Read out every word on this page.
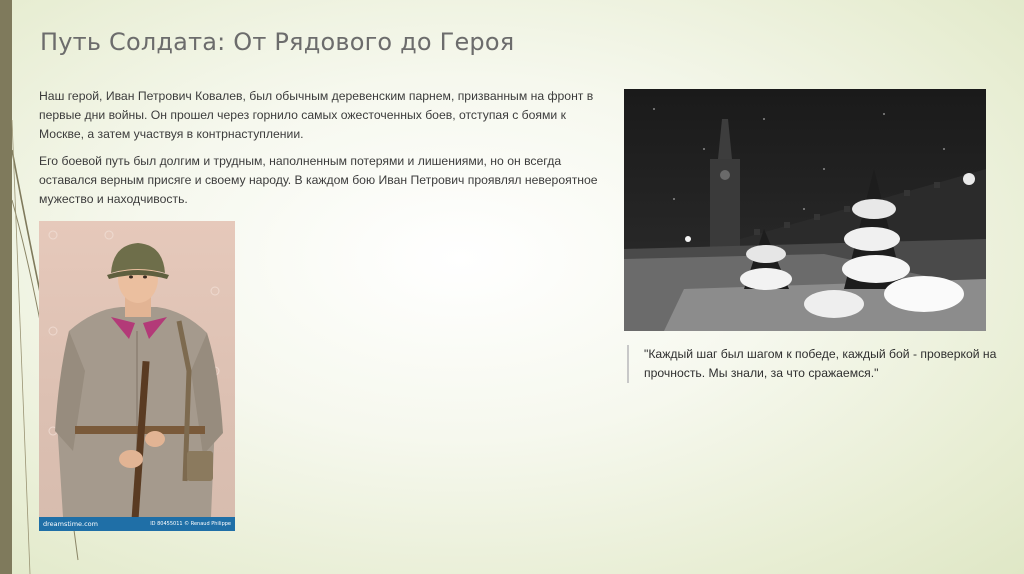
Путь Солдата: От Рядового до Героя

Наш герой, Иван Петрович Ковалев, был обычным деревенским парнем, призванным на фронт в первые дни войны. Он прошел через горнило самых ожесточенных боев, отступая с боями к Москве, а затем участвуя в контрнаступлении.

Его боевой путь был долгим и трудным, наполненным потерями и лишениями, но он всегда оставался верным присяге и своему народу. В каждом бою Иван Петрович проявлял невероятное мужество и находчивость.

dreamstime.com	ID 80455011 © Renaud Philippe
"Каждый шаг был шагом к победе, каждый бой - проверкой на прочность. Мы знали, за что сражаемся."
